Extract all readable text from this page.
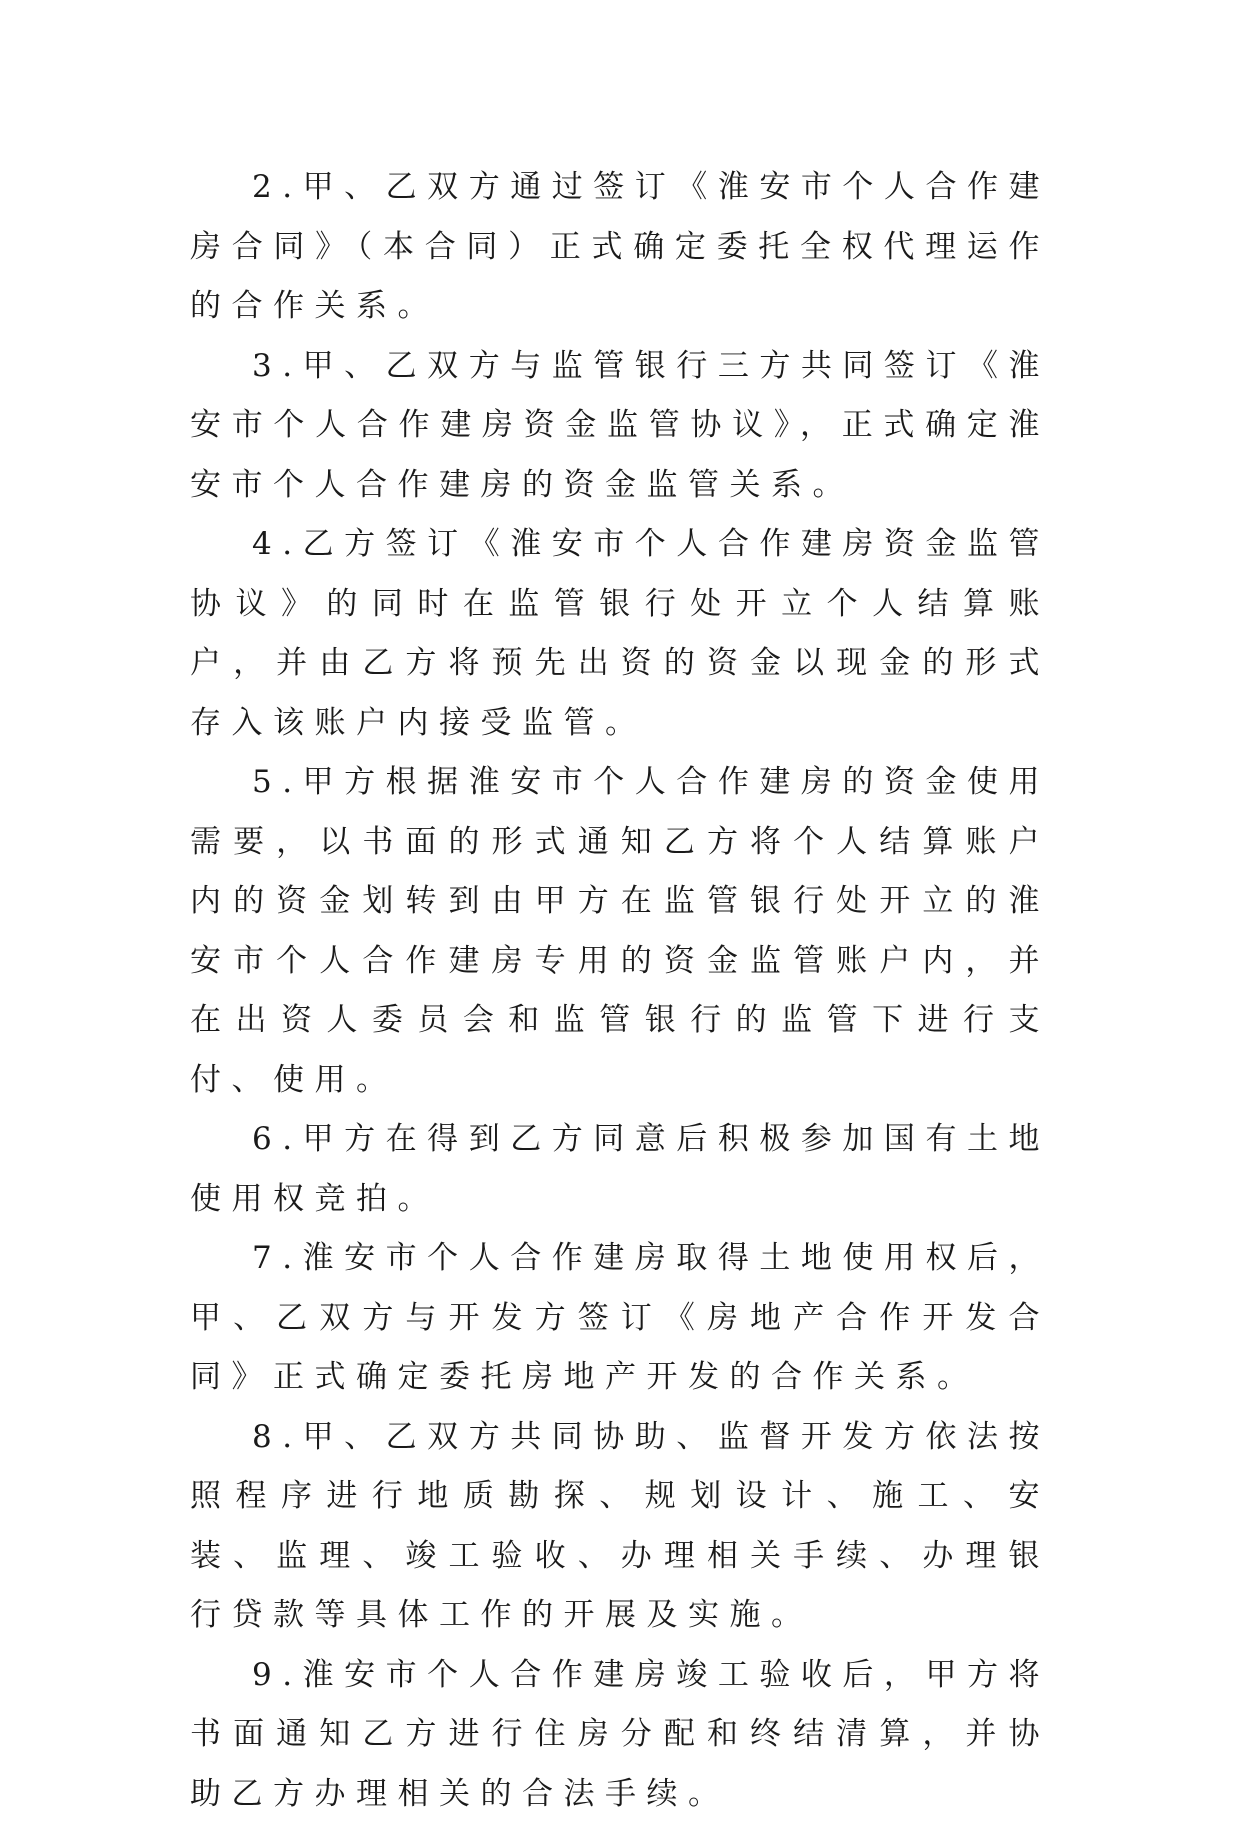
2.甲、乙双方通过签订《淮安市个人合作建房合同》（本合同）正式确定委托全权代理运作的合作关系。

3.甲、乙双方与监管银行三方共同签订《淮安市个人合作建房资金监管协议》，正式确定淮安市个人合作建房的资金监管关系。

4.乙方签订《淮安市个人合作建房资金监管协议》的同时在监管银行处开立个人结算账户，并由乙方将预先出资的资金以现金的形式存入该账户内接受监管。

5.甲方根据淮安市个人合作建房的资金使用需要，以书面的形式通知乙方将个人结算账户内的资金划转到由甲方在监管银行处开立的淮安市个人合作建房专用的资金监管账户内，并在出资人委员会和监管银行的监管下进行支付、使用。

6.甲方在得到乙方同意后积极参加国有土地使用权竞拍。

7.淮安市个人合作建房取得土地使用权后，甲、乙双方与开发方签订《房地产合作开发合同》正式确定委托房地产开发的合作关系。

8.甲、乙双方共同协助、监督开发方依法按照程序进行地质勘探、规划设计、施工、安装、监理、竣工验收、办理相关手续、办理银行贷款等具体工作的开展及实施。

9.淮安市个人合作建房竣工验收后，甲方将书面通知乙方进行住房分配和终结清算，并协助乙方办理相关的合法手续。
